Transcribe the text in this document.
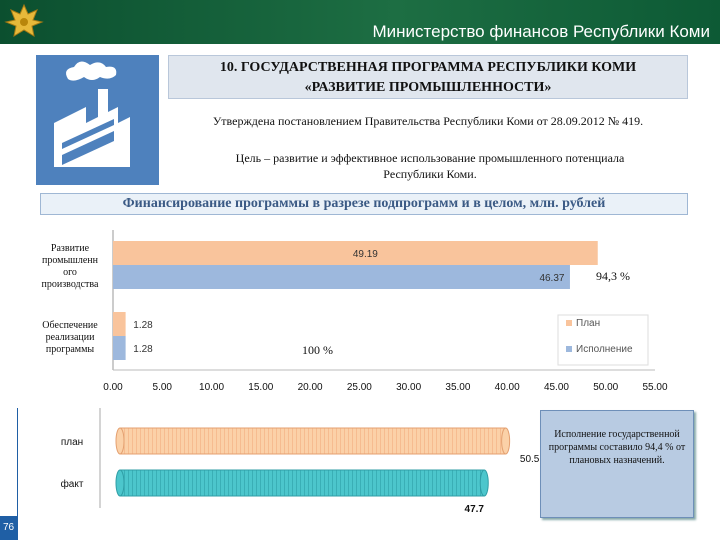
Министерство финансов Республики Коми
10. ГОСУДАРСТВЕННАЯ ПРОГРАММА РЕСПУБЛИКИ КОМИ
«РАЗВИТИЕ ПРОМЫШЛЕННОСТИ»
Утверждена постановлением Правительства Республики Коми от 28.09.2012 № 419.
Цель – развитие и эффективное использование промышленного потенциала
Республики Коми.
Финансирование программы в разрезе подпрограмм и в целом, млн. рублей
49.19
46.37
Развитие
промышленн
ого
производства
1.28
1.28
Обеспечение
реализации
программы
0.00	5.00	10.00 15.00 20.00 25.00 30.00 35.00 40.00 45.00 50.00 55.00
План
Исполнение
94,3 %
100 %
план
50.5
факт
47.7
Исполнение государственной программы составило 94,4 % от плановых назначений.
76
